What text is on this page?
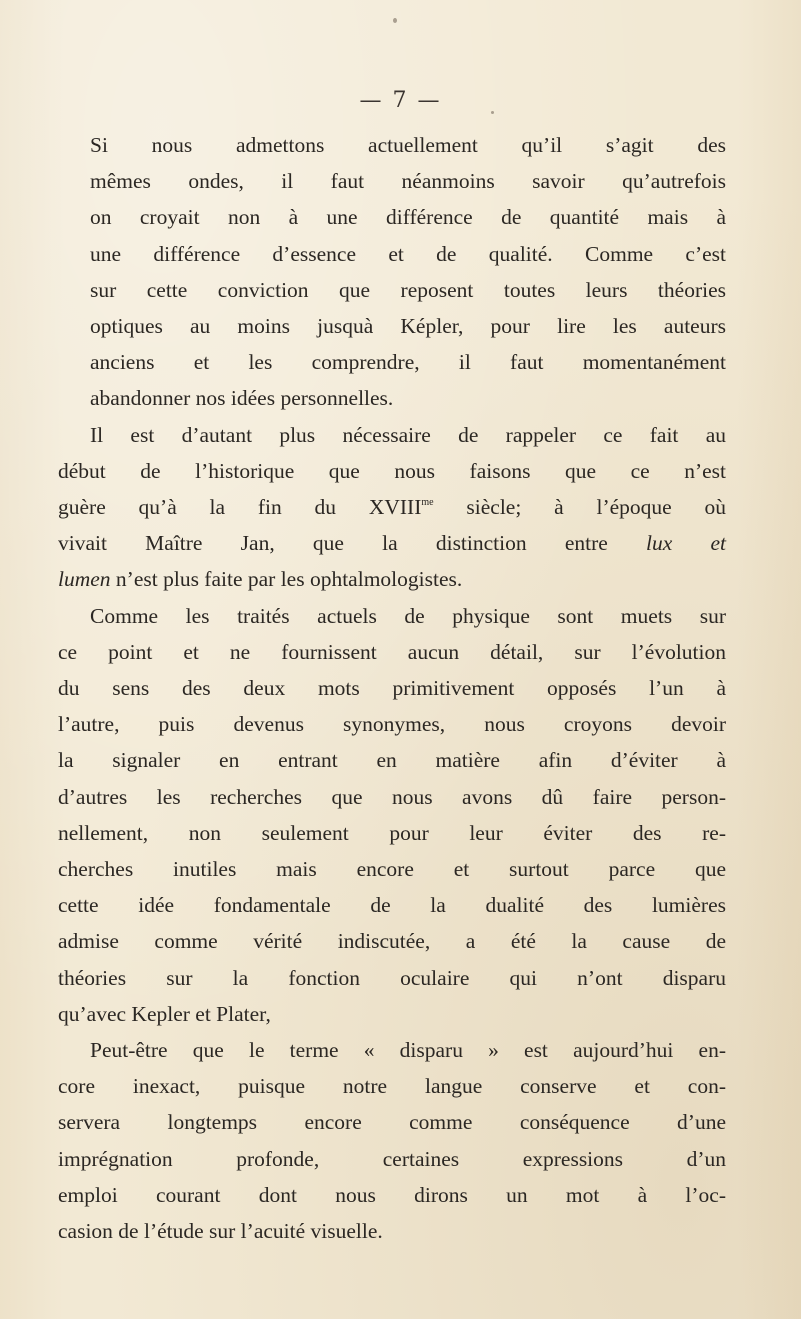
— 7 —

Si nous admettons actuellement qu’il s’agit des
mêmes ondes, il faut néanmoins savoir qu’autrefois
on croyait non à une différence de quantité mais à
une différence d’essence et de qualité. Comme c’est
sur cette conviction que reposent toutes leurs théories
optiques au moins jusquà Képler, pour lire les auteurs
anciens et les comprendre, il faut momentanément
abandonner nos idées personnelles.

Il est d’autant plus nécessaire de rappeler ce fait au
début de l’historique que nous faisons que ce n’est
guère qu’à la fin du $XVIII^{me}$ siècle; à l’époque où
vivait Maître Jan, que la distinction entre lux et
lumen n’est plus faite par les ophtalmologistes.

Comme les traités actuels de physique sont muets sur
ce point et ne fournissent aucun détail, sur l’évolution
du sens des deux mots primitivement opposés l’un à
l’autre, puis devenus synonymes, nous croyons devoir
la signaler en entrant en matière afin d’éviter à
d’autres les recherches que nous avons dû faire person-
nellement, non seulement pour leur éviter des re-
cherches inutiles mais encore et surtout parce que
cette idée fondamentale de la dualité des lumières
admise comme vérité indiscutée, a été la cause de
théories sur la fonction oculaire qui n’ont disparu
qu’avec Kepler et Plater,

Peut-être que le terme « disparu » est aujourd’hui en-
core inexact, puisque notre langue conserve et con-
servera longtemps encore comme conséquence d’une
imprégnation profonde, certaines expressions d’un
emploi courant dont nous dirons un mot à l’oc-
casion de l’étude sur l’acuité visuelle.
